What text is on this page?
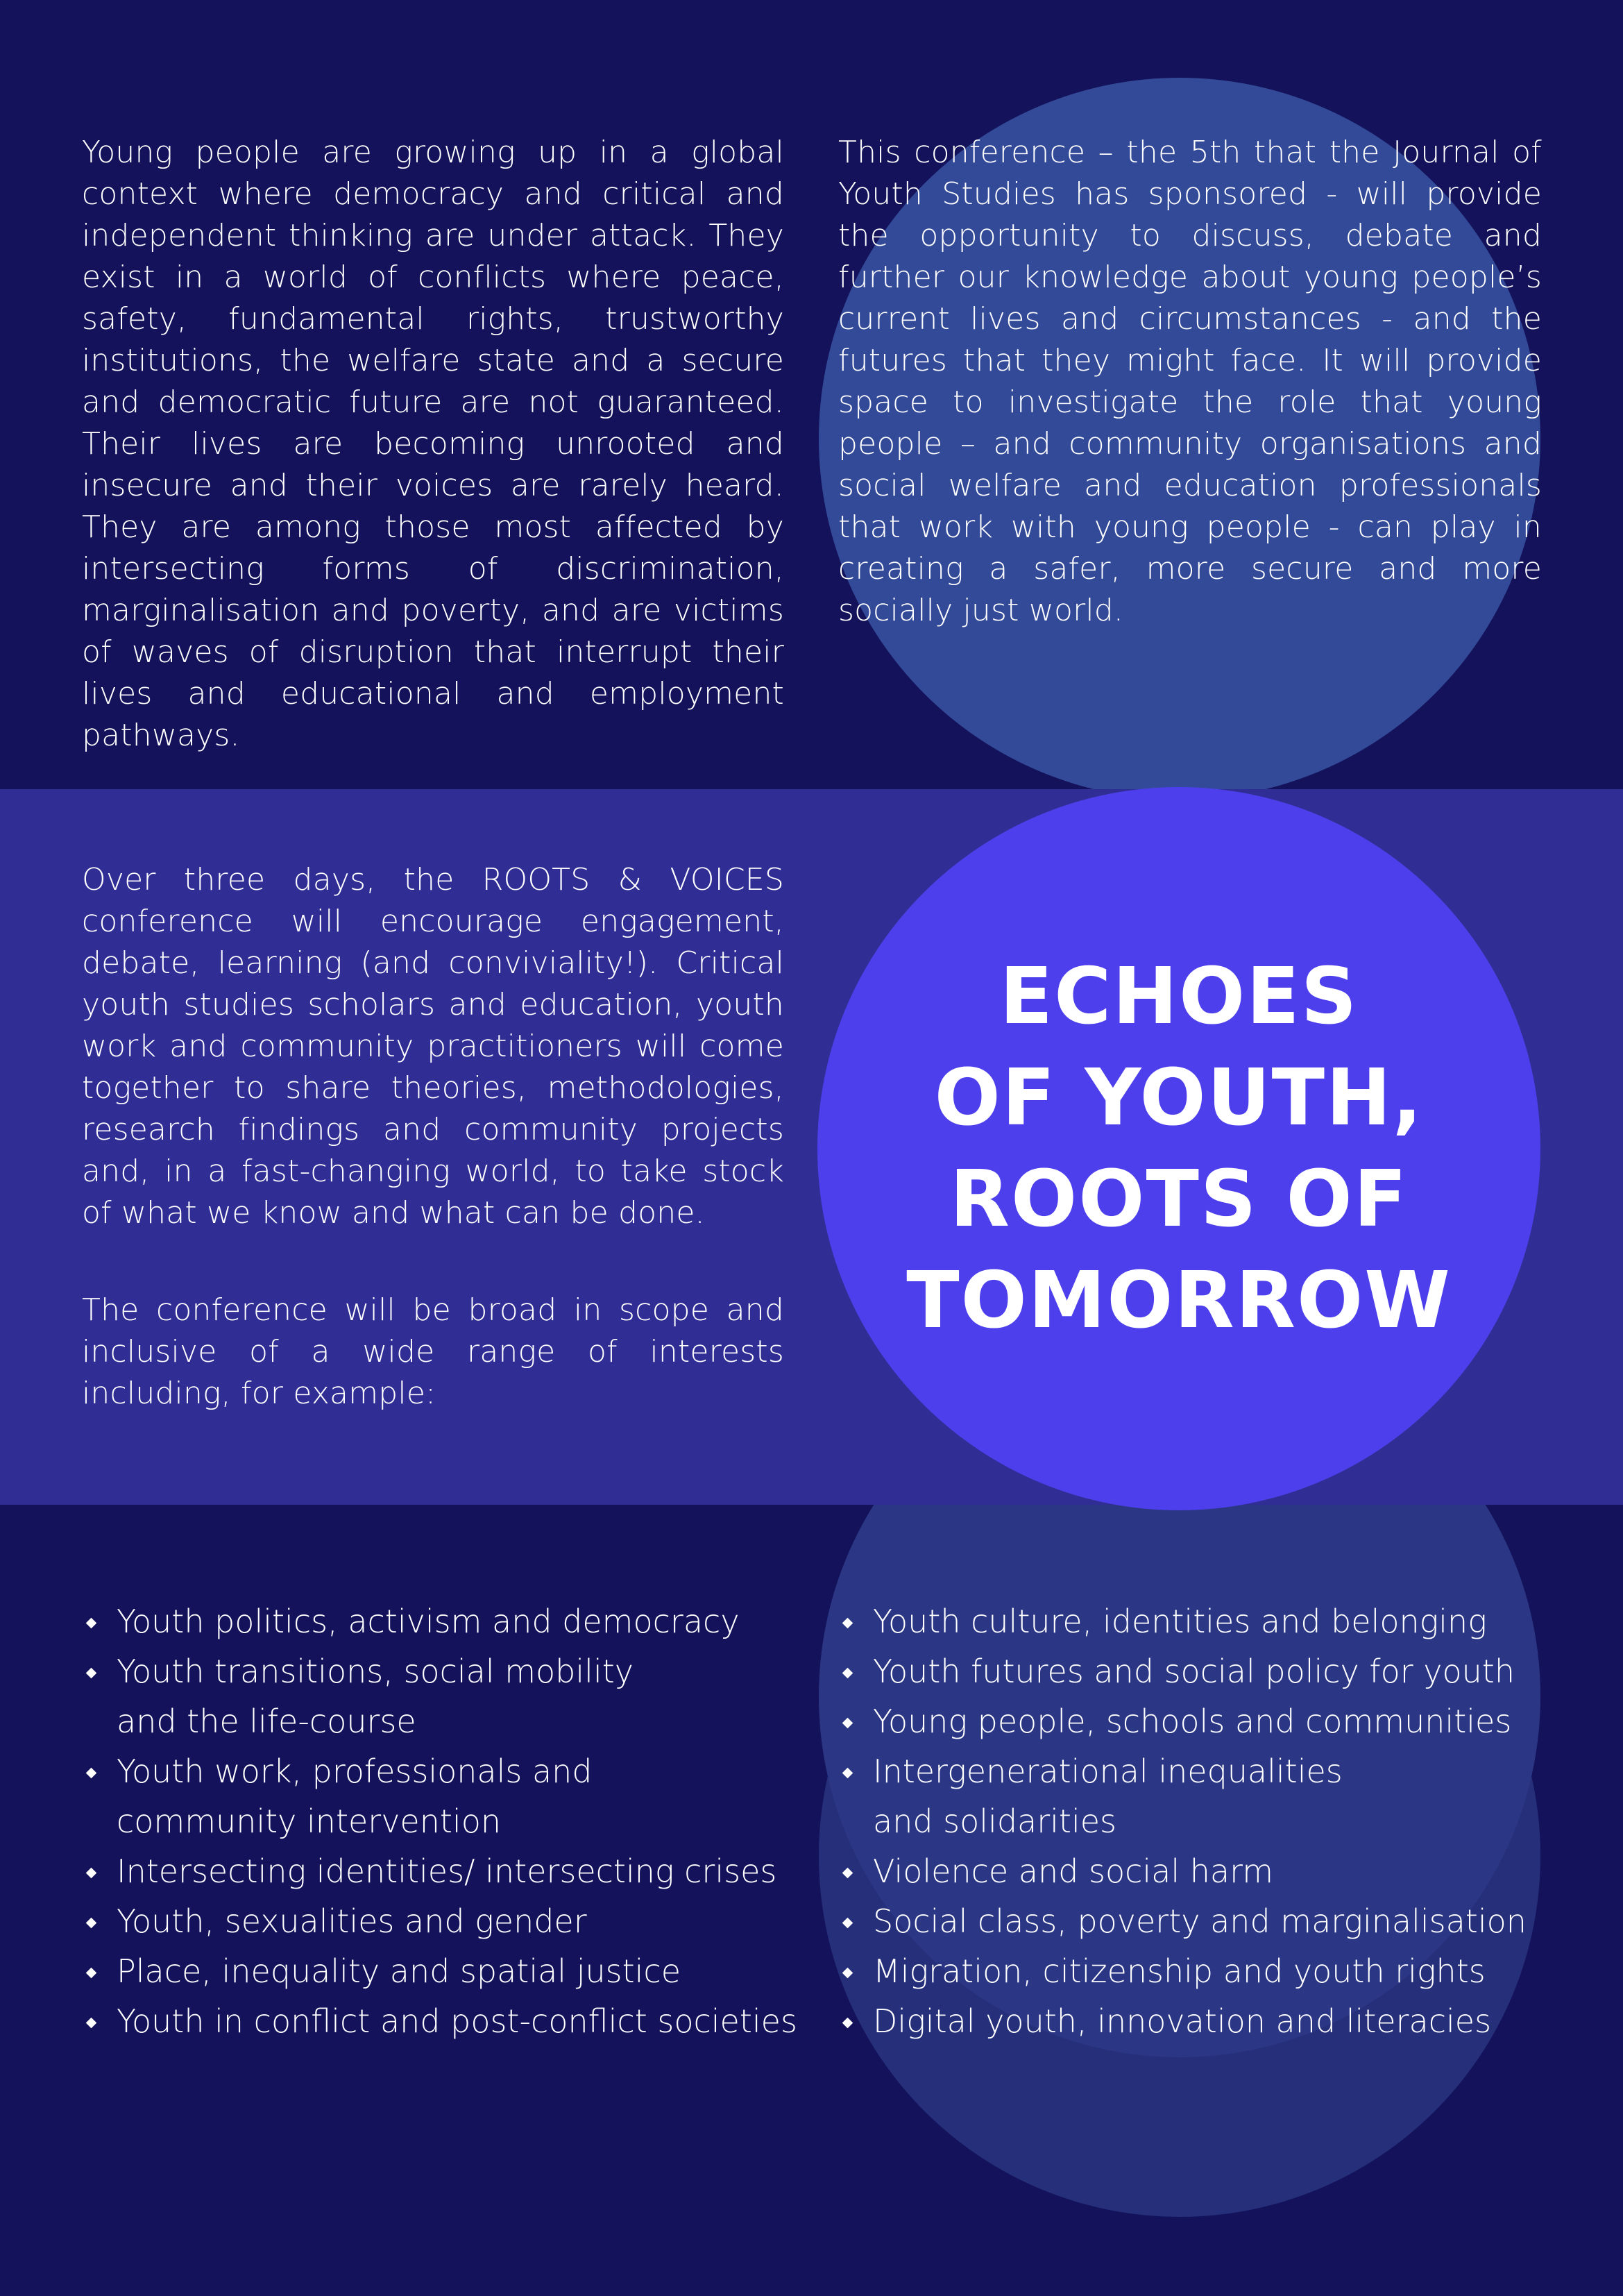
Young people are growing up in a global context where democracy and critical and independent thinking are under attack. They exist in a world of conflicts where peace, safety, fundamental rights, trustworthy institutions, the welfare state and a secure and democratic future are not guaranteed. Their lives are becoming unrooted and insecure and their voices are rarely heard. They are among those most affected by intersecting forms of discrimination, marginalisation and poverty, and are victims of waves of disruption that interrupt their lives and educational and employment pathways.

This conference – the 5th that the Journal of Youth Studies has sponsored - will provide the opportunity to discuss, debate and further our knowledge about young people’s current lives and circumstances - and the futures that they might face. It will provide space to investigate the role that young people – and community organisations and social welfare and education professionals that work with young people - can play in creating a safer, more secure and more socially just world.

Over three days, the ROOTS & VOICES conference will encourage engagement, debate, learning (and conviviality!). Critical youth studies scholars and education, youth work and community practitioners will come together to share theories, methodologies, research findings and community projects and, in a fast-changing world, to take stock of what we know and what can be done.

The conference will be broad in scope and inclusive of a wide range of interests including, for example:

ECHOES
OF YOUTH,
ROOTS OF
TOMORROW
Youth politics, activism and democracy
Youth transitions, social mobility
and the life-course
Youth work, professionals and
community intervention
Intersecting identities/ intersecting crises
Youth, sexualities and gender
Place, inequality and spatial justice
Youth in conflict and post-conflict societies
Youth culture, identities and belonging
Youth futures and social policy for youth
Young people, schools and communities
Intergenerational inequalities
and solidarities
Violence and social harm
Social class, poverty and marginalisation
Migration, citizenship and youth rights
Digital youth, innovation and literacies
